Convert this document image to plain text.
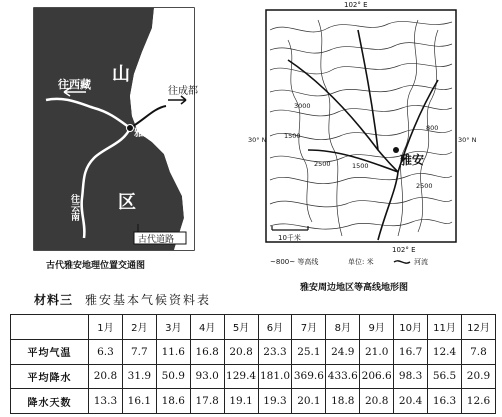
古代道路
山
区
往西藏
往成都
雅安
往云南
古代雅安地理位置交通图
102° E
雅安
3000
1500
2500	1500
800
2500
30° N	30° N
10千米
102° E
~800~ 等高线	单位: 米	河流
雅安周边地区等高线地形图
材料三 雅安基本气候资料表
	1月	2月	3月	4月	5月	6月	7月	8月	9月	10月	11月	12月
平均气温	6.3	7.7	11.6	16.8	20.8	23.3	25.1	24.9	21.0	16.7	12.4	7.8
平均降水	20.8	31.9	50.9	93.0	129.4	181.0	369.6	433.6	206.6	98.3	56.5	20.9
降水天数	13.3	16.1	18.6	17.8	19.1	19.3	20.1	18.8	20.8	20.4	16.3	12.6
